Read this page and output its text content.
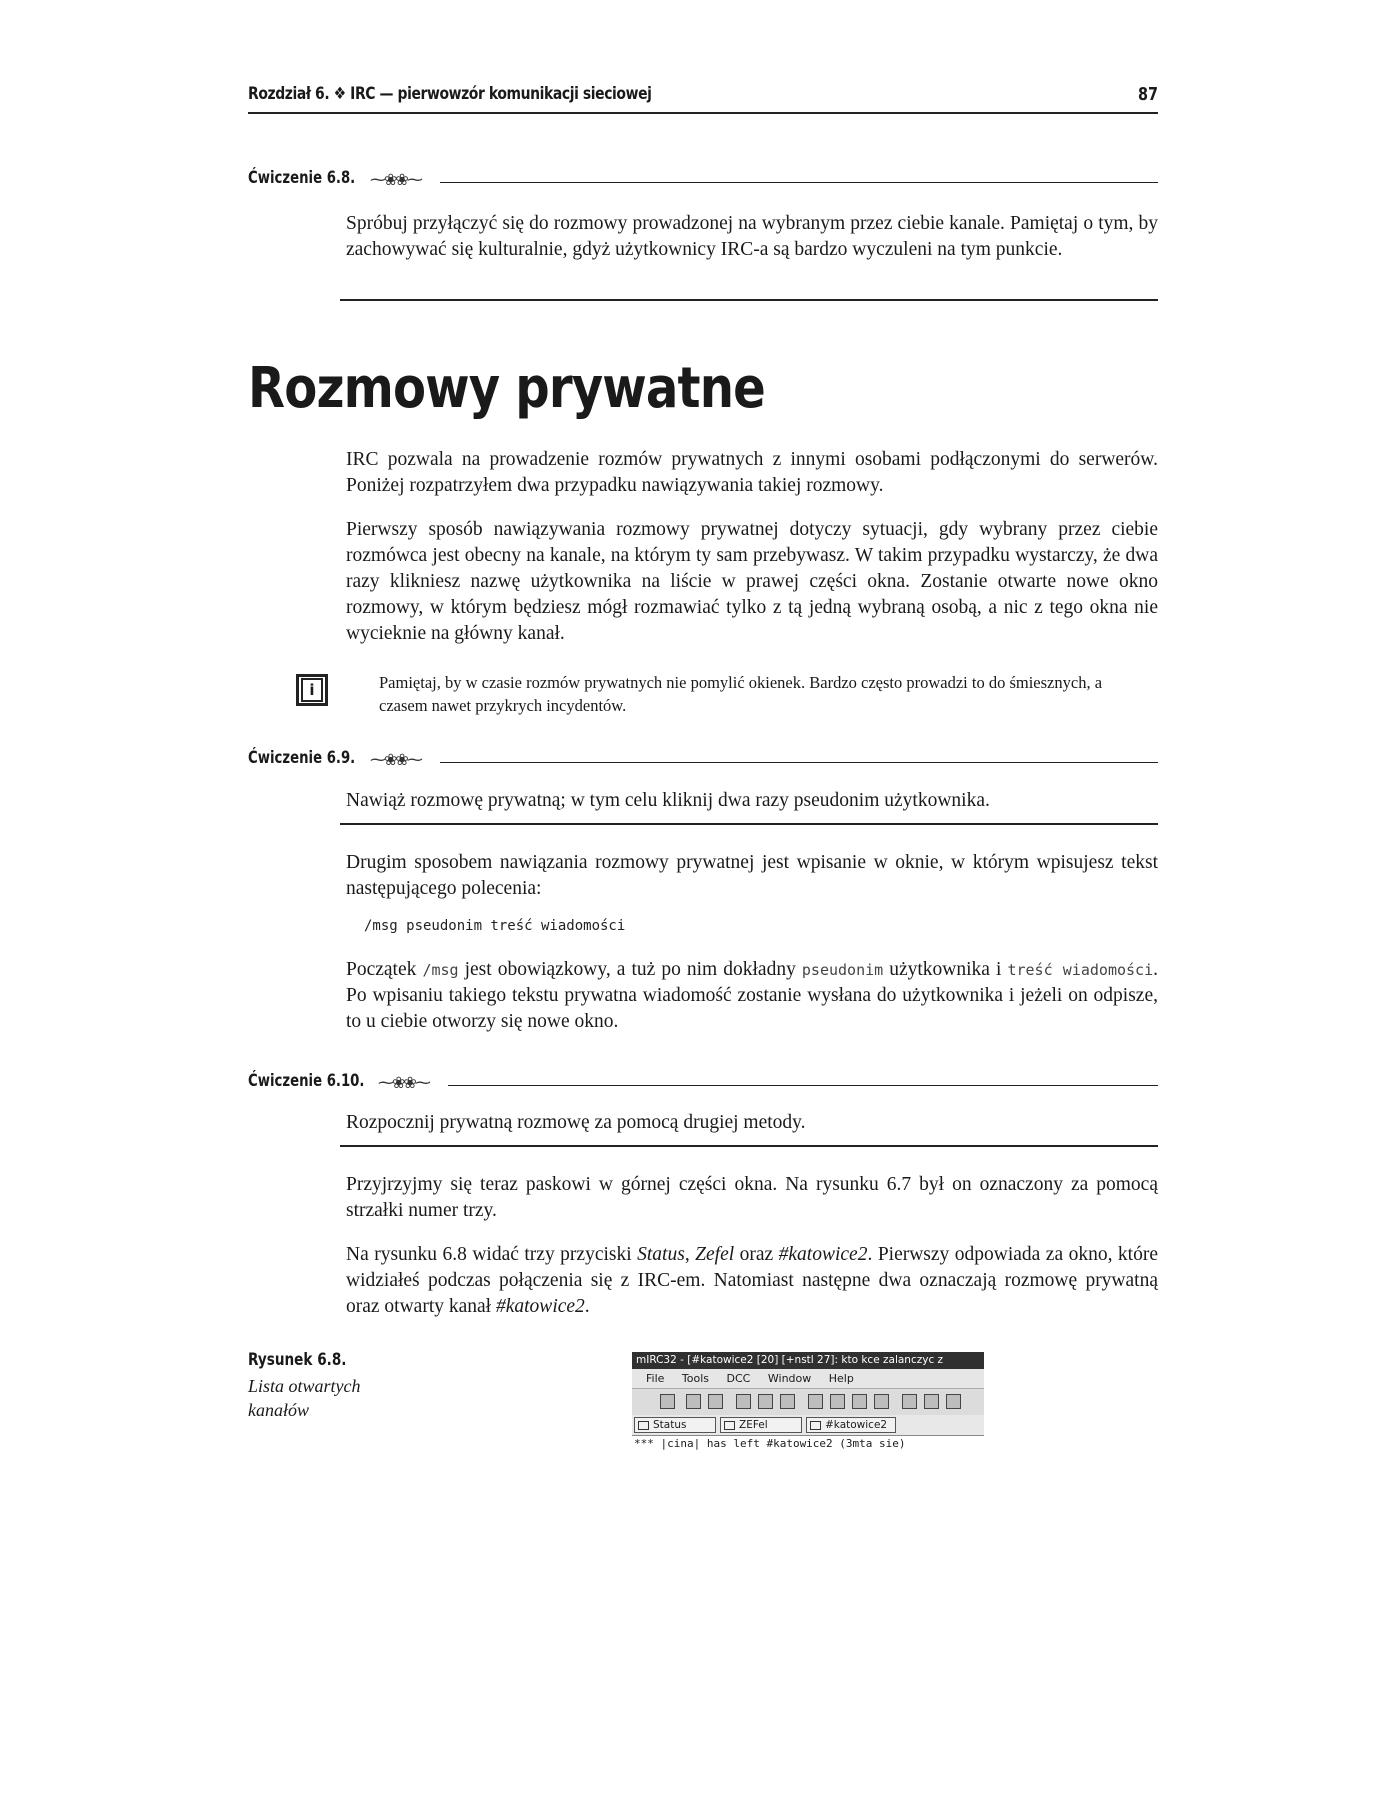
Rozdział 6. ❖ IRC — pierwowzór komunikacji sieciowej	87
Ćwiczenie 6.8. ⁓❀❀⁓
Spróbuj przyłączyć się do rozmowy prowadzonej na wybranym przez ciebie kanale. Pamiętaj o tym, by zachowywać się kulturalnie, gdyż użytkownicy IRC-a są bardzo wyczuleni na tym punkcie.
Rozmowy prywatne
IRC pozwala na prowadzenie rozmów prywatnych z innymi osobami podłączonymi do serwerów. Poniżej rozpatrzyłem dwa przypadku nawiązywania takiej rozmowy.
Pierwszy sposób nawiązywania rozmowy prywatnej dotyczy sytuacji, gdy wybrany przez ciebie rozmówca jest obecny na kanale, na którym ty sam przebywasz. W takim przypadku wystarczy, że dwa razy klikniesz nazwę użytkownika na liście w prawej części okna. Zostanie otwarte nowe okno rozmowy, w którym będziesz mógł rozmawiać tylko z tą jedną wybraną osobą, a nic z tego okna nie wycieknie na główny kanał.
i	Pamiętaj, by w czasie rozmów prywatnych nie pomylić okienek. Bardzo często prowadzi to do śmiesznych, a czasem nawet przykrych incydentów.
Ćwiczenie 6.9. ⁓❀❀⁓
Nawiąż rozmowę prywatną; w tym celu kliknij dwa razy pseudonim użytkownika.
Drugim sposobem nawiązania rozmowy prywatnej jest wpisanie w oknie, w którym wpisujesz tekst następującego polecenia:
/msg pseudonim treść wiadomości
Początek /msg jest obowiązkowy, a tuż po nim dokładny pseudonim użytkownika i treść wiadomości. Po wpisaniu takiego tekstu prywatna wiadomość zostanie wysłana do użytkownika i jeżeli on odpisze, to u ciebie otworzy się nowe okno.
Ćwiczenie 6.10. ⁓❀❀⁓
Rozpocznij prywatną rozmowę za pomocą drugiej metody.
Przyjrzyjmy się teraz paskowi w górnej części okna. Na rysunku 6.7 był on oznaczony za pomocą strzałki numer trzy.
Na rysunku 6.8 widać trzy przyciski Status, Zefel oraz #katowice2. Pierwszy odpowiada za okno, które widziałeś podczas połączenia się z IRC-em. Natomiast następne dwa oznaczają rozmowę prywatną oraz otwarty kanał #katowice2.
Rysunek 6.8.
Lista otwartych kanałów
mIRC32 - [#katowice2 [20] [+nstl 27]: kto kce zalanczyc z
File Tools DCC Window Help
Status	ZEFel	#katowice2
*** |cina| has left #katowice2 (3mta sie)
